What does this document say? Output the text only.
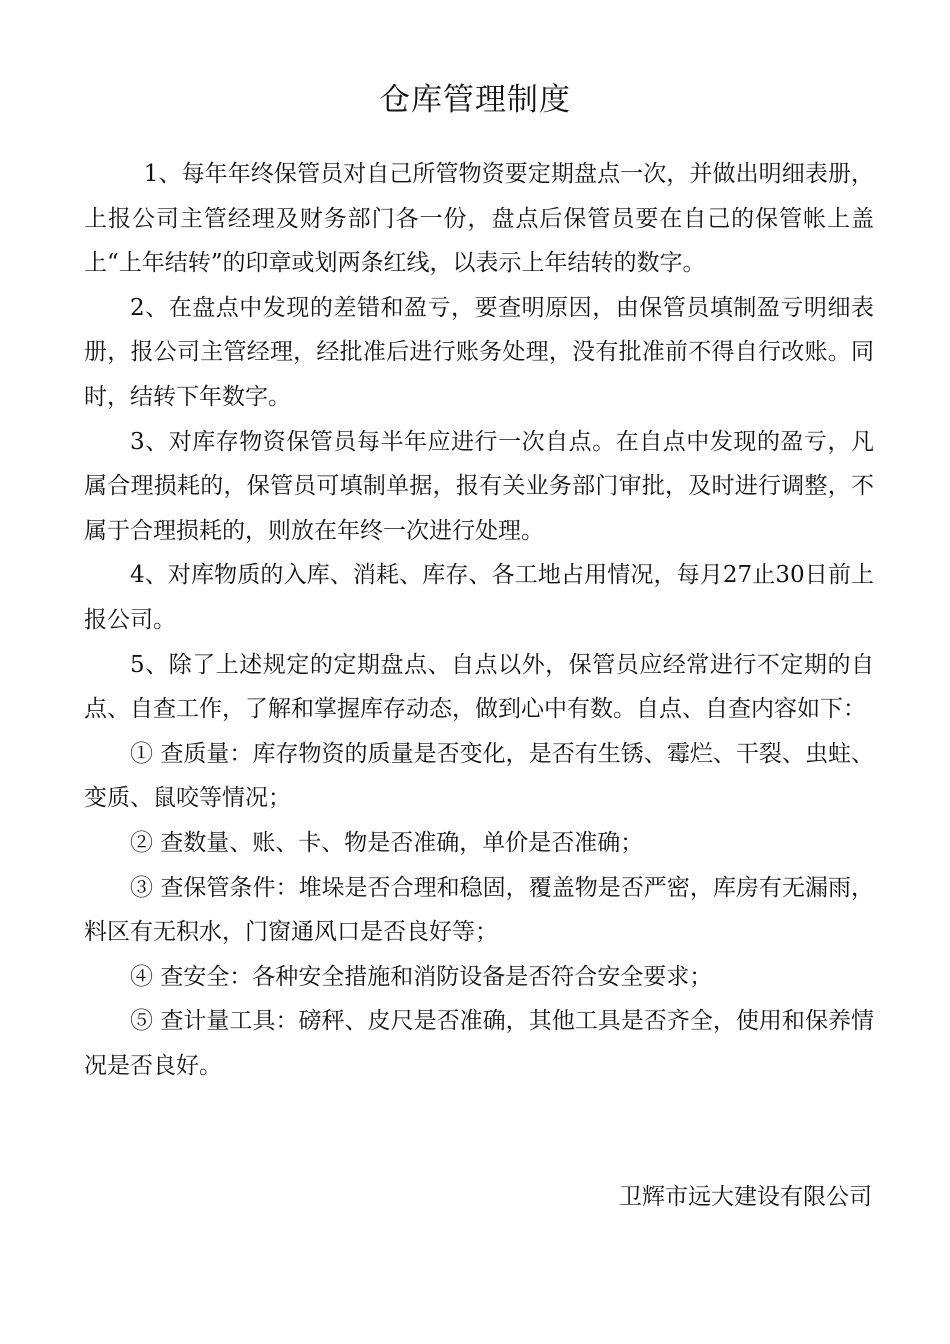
仓库管理制度

1、每年年终保管员对自己所管物资要定期盘点一次，并做出明细表册，上报公司主管经理及财务部门各一份，盘点后保管员要在自己的保管帐上盖上“上年结转”的印章或划两条红线，以表示上年结转的数字。

2、在盘点中发现的差错和盈亏，要查明原因，由保管员填制盈亏明细表册，报公司主管经理，经批准后进行账务处理，没有批准前不得自行改账。同时，结转下年数字。

3、对库存物资保管员每半年应进行一次自点。在自点中发现的盈亏，凡属合理损耗的，保管员可填制单据，报有关业务部门审批，及时进行调整，不属于合理损耗的，则放在年终一次进行处理。

4、对库物质的入库、消耗、库存、各工地占用情况，每月27止30日前上报公司。

5、除了上述规定的定期盘点、自点以外，保管员应经常进行不定期的自点、自查工作，了解和掌握库存动态，做到心中有数。自点、自查内容如下：

① 查质量：库存物资的质量是否变化，是否有生锈、霉烂、干裂、虫蛀、变质、鼠咬等情况；

② 查数量、账、卡、物是否准确，单价是否准确；

③ 查保管条件：堆垛是否合理和稳固，覆盖物是否严密，库房有无漏雨，料区有无积水，门窗通风口是否良好等；

④ 查安全：各种安全措施和消防设备是否符合安全要求；

⑤ 查计量工具：磅秤、皮尺是否准确，其他工具是否齐全，使用和保养情况是否良好。

卫辉市远大建设有限公司
